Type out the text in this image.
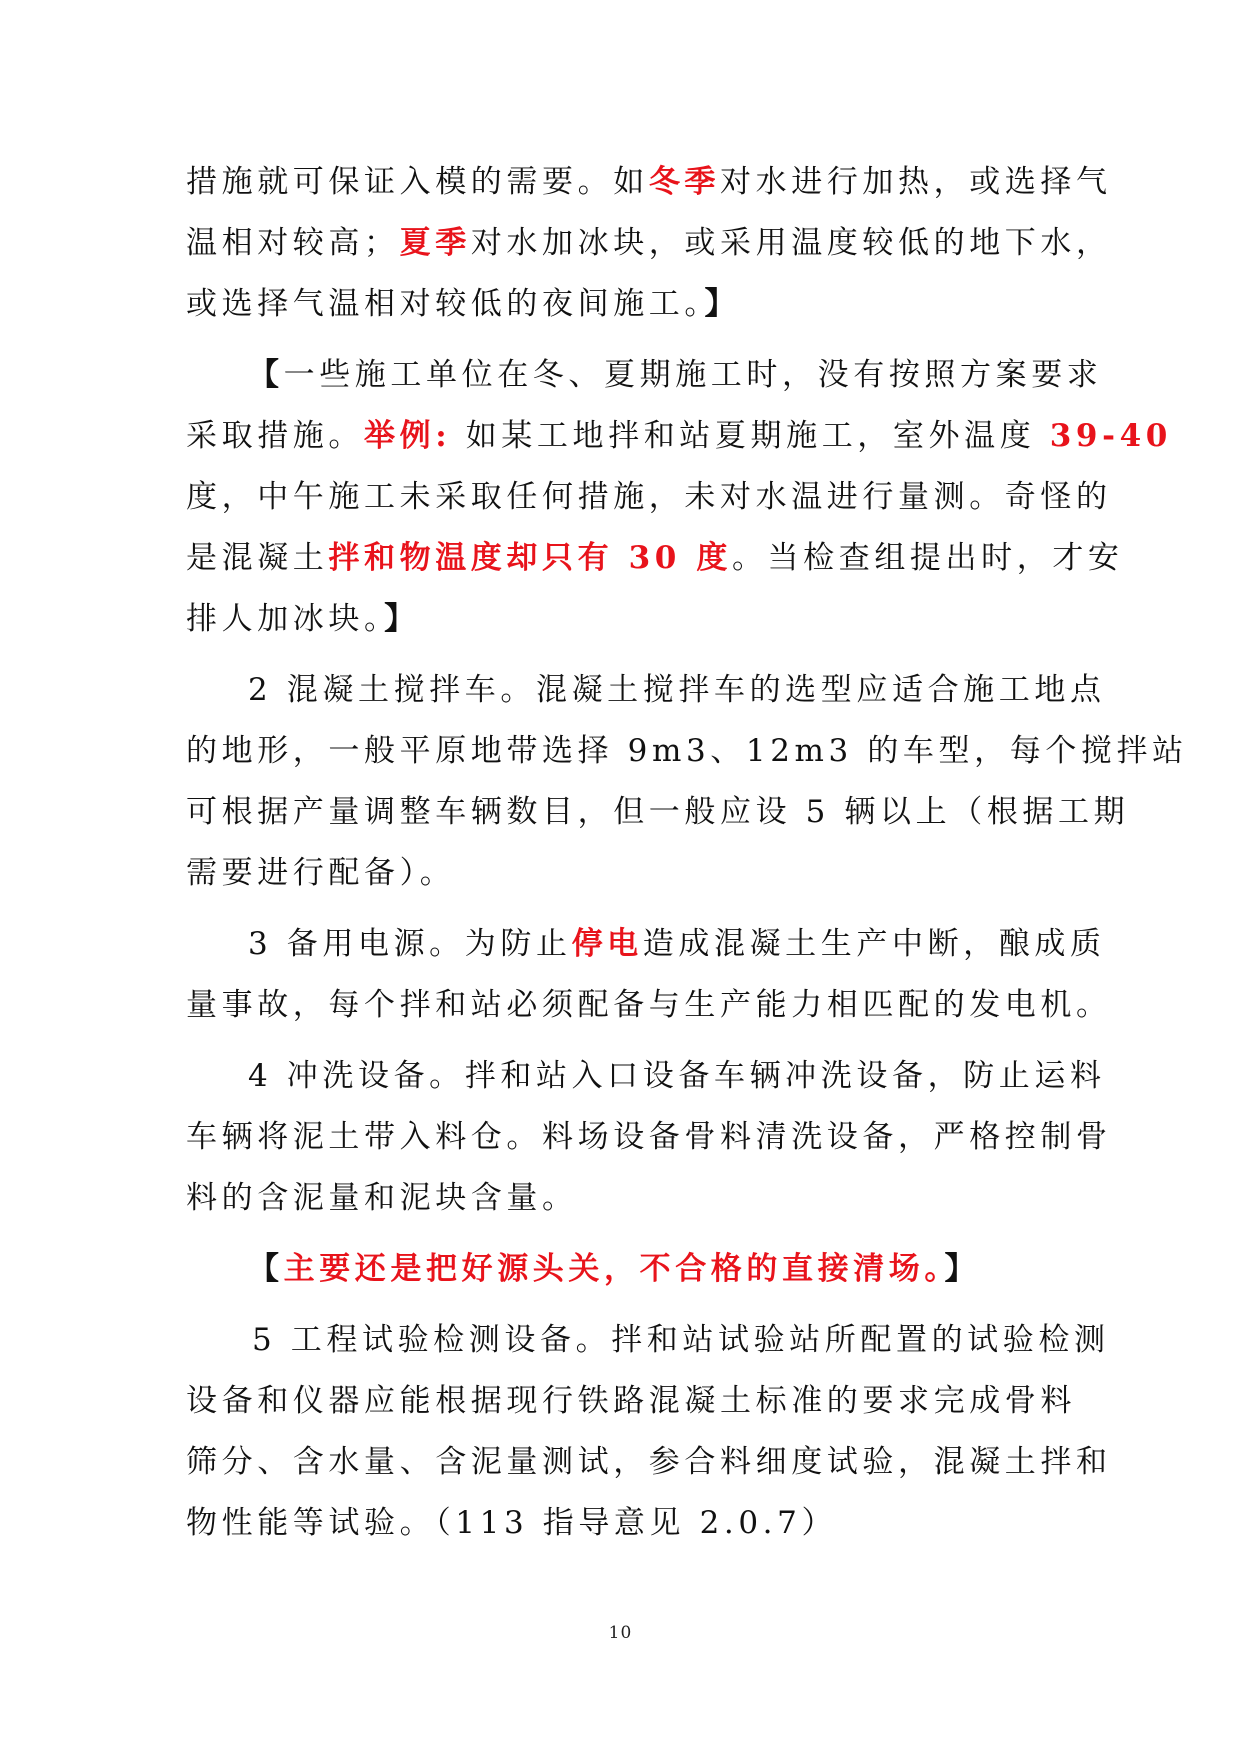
措施就可保证入模的需要。如冬季对水进行加热，或选择气
温相对较高；夏季对水加冰块，或采用温度较低的地下水，
或选择气温相对较低的夜间施工。】
【一些施工单位在冬、夏期施工时，没有按照方案要求
采取措施。举例: 如某工地拌和站夏期施工，室外温度 39-40
度，中午施工未采取任何措施，未对水温进行量测。奇怪的
是混凝土拌和物温度却只有 30 度。当检查组提出时，才安
排人加冰块。】
2 混凝土搅拌车。混凝土搅拌车的选型应适合施工地点
的地形，一般平原地带选择 9m3、12m3 的车型，每个搅拌站
可根据产量调整车辆数目，但一般应设 5 辆以上（根据工期
需要进行配备）。
3 备用电源。为防止停电造成混凝土生产中断，酿成质
量事故，每个拌和站必须配备与生产能力相匹配的发电机。
4 冲洗设备。拌和站入口设备车辆冲洗设备，防止运料
车辆将泥土带入料仓。料场设备骨料清洗设备，严格控制骨
料的含泥量和泥块含量。
【主要还是把好源头关，不合格的直接清场。】
5 工程试验检测设备。拌和站试验站所配置的试验检测
设备和仪器应能根据现行铁路混凝土标准的要求完成骨料
筛分、含水量、含泥量测试，参合料细度试验，混凝土拌和
物性能等试验。（113 指导意见 2.0.7）
10
